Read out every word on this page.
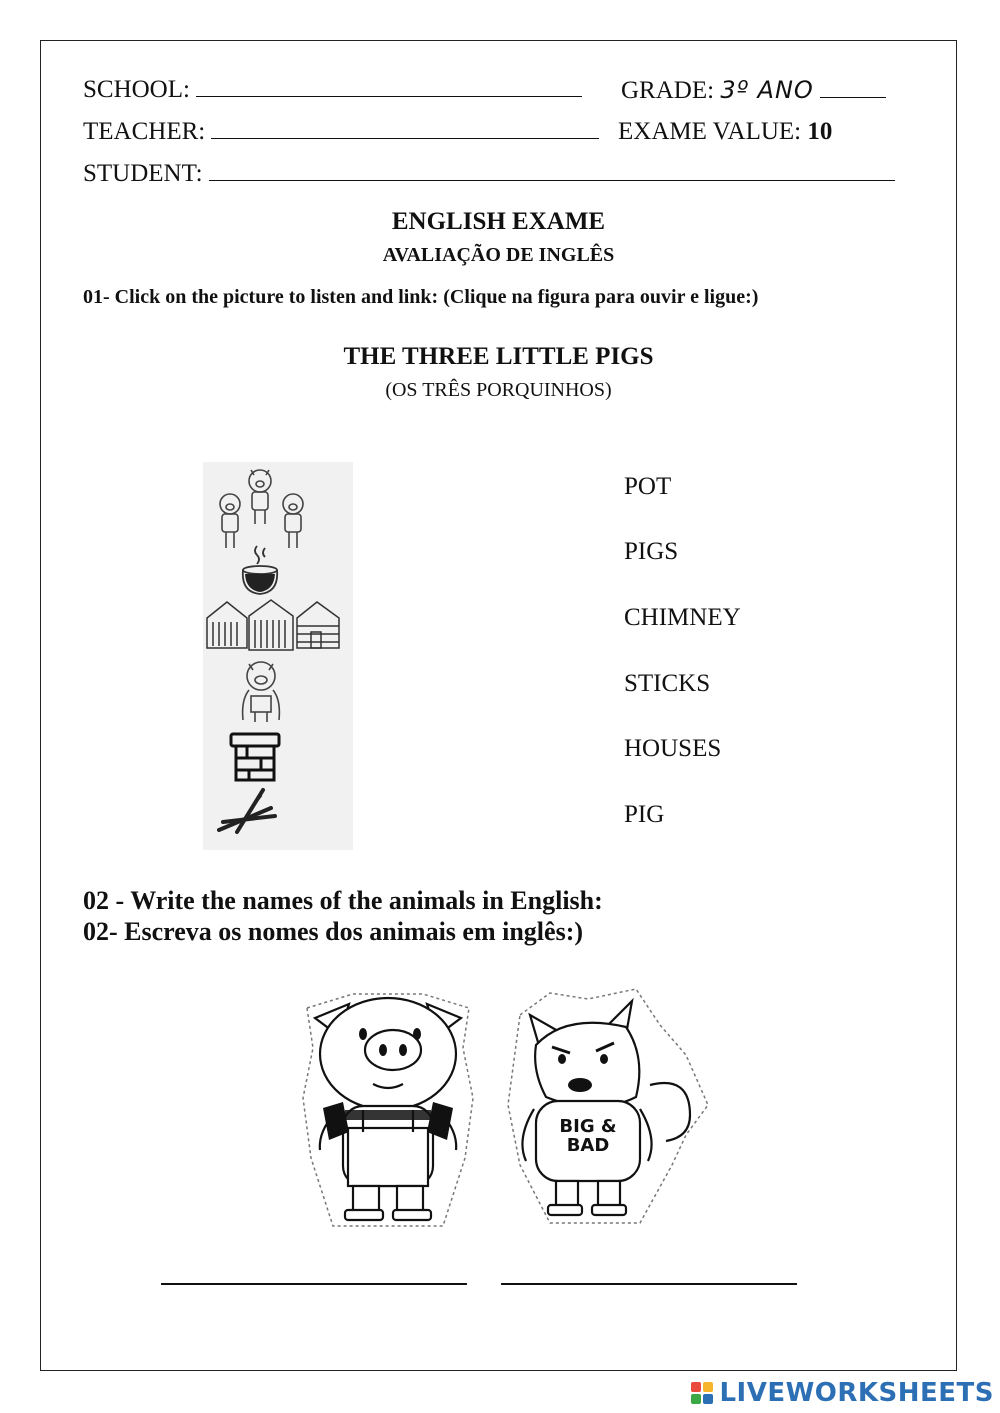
SCHOOL:	GRADE: 3º ANO
TEACHER:	EXAME VALUE: 10
STUDENT:
ENGLISH EXAME
AVALIAÇÃO DE INGLÊS
01- Click on the picture to listen and link: (Clique na figura para ouvir e ligue:)
THE THREE LITTLE PIGS
(OS TRÊS PORQUINHOS)
POT
PIGS
CHIMNEY
STICKS
HOUSES
PIG
02 - Write the names of the animals in English:
02- Escreva os nomes dos animais em inglês:)
BIG &
BAD
LIVEWORKSHEETS
